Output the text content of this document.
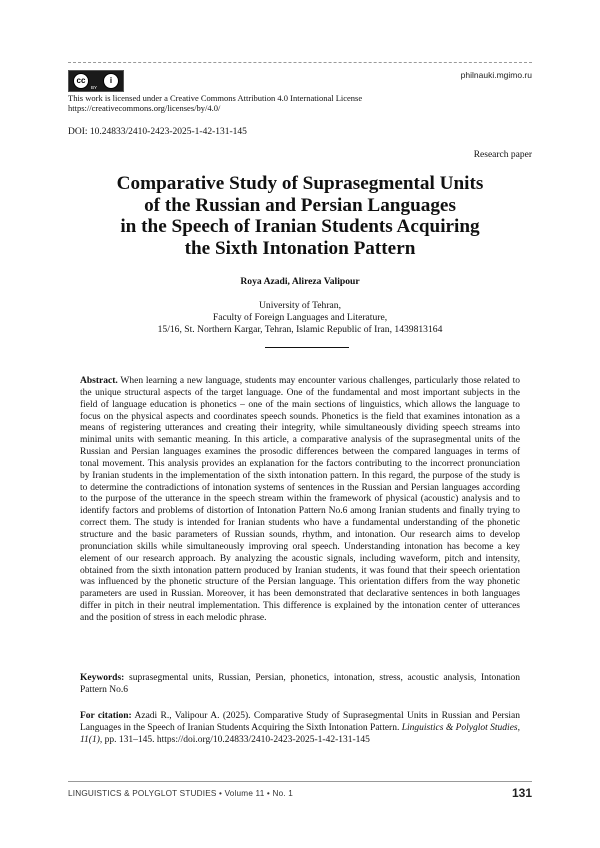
philnauki.mgimo.ru
cc	i
BY
This work is licensed under a Creative Commons Attribution 4.0 International License
https://creativecommons.org/licenses/by/4.0/
DOI: 10.24833/2410-2423-2025-1-42-131-145
Research paper
Comparative Study of Suprasegmental Units
of the Russian and Persian Languages
in the Speech of Iranian Students Acquiring
the Sixth Intonation Pattern
Roya Azadi, Alireza Valipour
University of Tehran,
Faculty of Foreign Languages and Literature,
15/16, St. Northern Kargar, Tehran, Islamic Republic of Iran, 1439813164

Abstract. When learning a new language, students may encounter various challenges, particularly those related to the unique structural aspects of the target language. One of the fundamental and most important subjects in the field of language education is phonetics – one of the main sections of linguistics, which allows the language to focus on the physical aspects and coordinates speech sounds. Phonetics is the field that examines intonation as a means of registering utterances and creating their integrity, while simultaneously dividing speech streams into minimal units with semantic meaning. In this article, a comparative analysis of the suprasegmental units of the Russian and Persian languages examines the prosodic differences between the compared languages in terms of tonal movement. This analysis provides an explanation for the factors contributing to the incorrect pronunciation by Iranian students in the implementation of the sixth intonation pattern. In this regard, the purpose of the study is to determine the contradictions of intonation systems of sentences in the Russian and Persian languages according to the purpose of the utterance in the speech stream within the framework of physical (acoustic) analysis and to identify factors and problems of distortion of Intonation Pattern No.6 among Iranian students and finally trying to correct them. The study is intended for Iranian students who have a fundamental understanding of the phonetic structure and the basic parameters of Russian sounds, rhythm, and intonation. Our research aims to develop pronunciation skills while simultaneously improving oral speech. Understanding intonation has become a key element of our research approach. By analyzing the acoustic signals, including waveform, pitch and intensity, obtained from the sixth intonation pattern produced by Iranian students, it was found that their speech orientation was influenced by the phonetic structure of the Persian language. This orientation differs from the way phonetic parameters are used in Russian. Moreover, it has been demonstrated that declarative sentences in both languages differ in pitch in their neutral implementation. This difference is explained by the intonation center of utterances and the position of stress in each melodic phrase.

Keywords: suprasegmental units, Russian, Persian, phonetics, intonation, stress, acoustic analysis, Intonation Pattern No.6

For citation: Azadi R., Valipour A. (2025). Comparative Study of Suprasegmental Units in Russian and Persian Languages in the Speech of Iranian Students Acquiring the Sixth Intonation Pattern. Linguistics & Polyglot Studies, 11(1), pp. 131–145. https://doi.org/10.24833/2410-2423-2025-1-42-131-145

LINGUISTICS & POLYGLOT STUDIES • Volume 11 • No. 1	131
